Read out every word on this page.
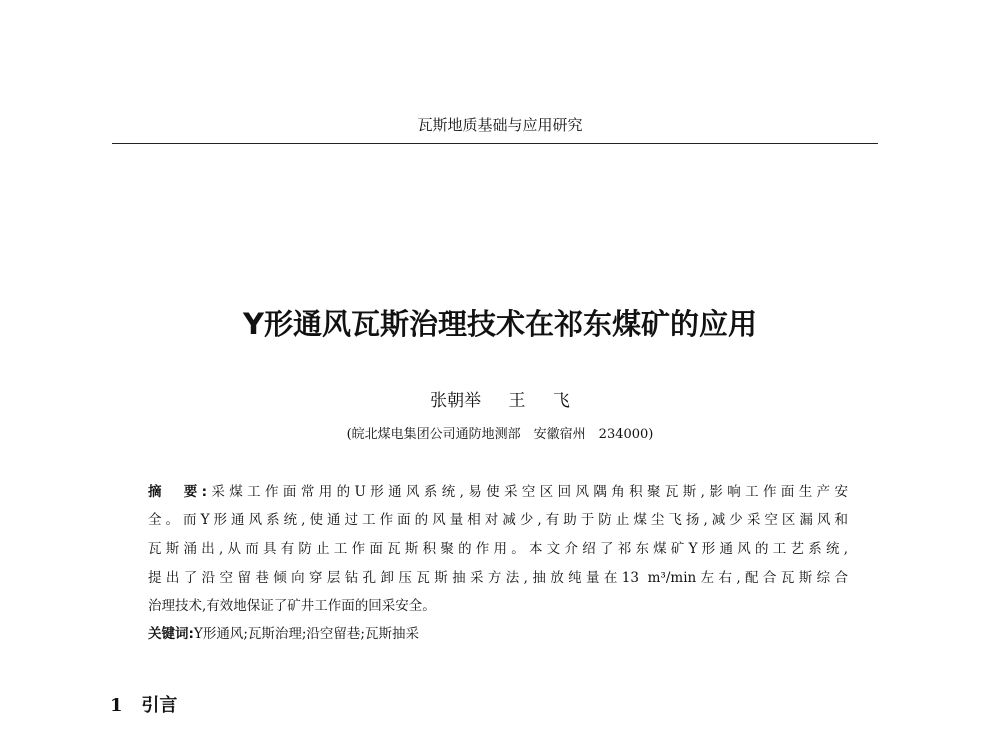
瓦斯地质基础与应用研究
Y形通风瓦斯治理技术在祁东煤矿的应用
张朝举 王 飞
(皖北煤电集团公司通防地测部　安徽宿州　234000)
摘　要:采煤工作面常用的U形通风系统,易使采空区回风隅角积聚瓦斯,影响工作面生产安
全。而Y形通风系统,使通过工作面的风量相对减少,有助于防止煤尘飞扬,减少采空区漏风和
瓦斯涌出,从而具有防止工作面瓦斯积聚的作用。本文介绍了祁东煤矿Y形通风的工艺系统,
提出了沿空留巷倾向穿层钻孔卸压瓦斯抽采方法,抽放纯量在13 m³/min左右,配合瓦斯综合
治理技术,有效地保证了矿井工作面的回采安全。
关键词:Y形通风;瓦斯治理;沿空留巷;瓦斯抽采
1 引言
